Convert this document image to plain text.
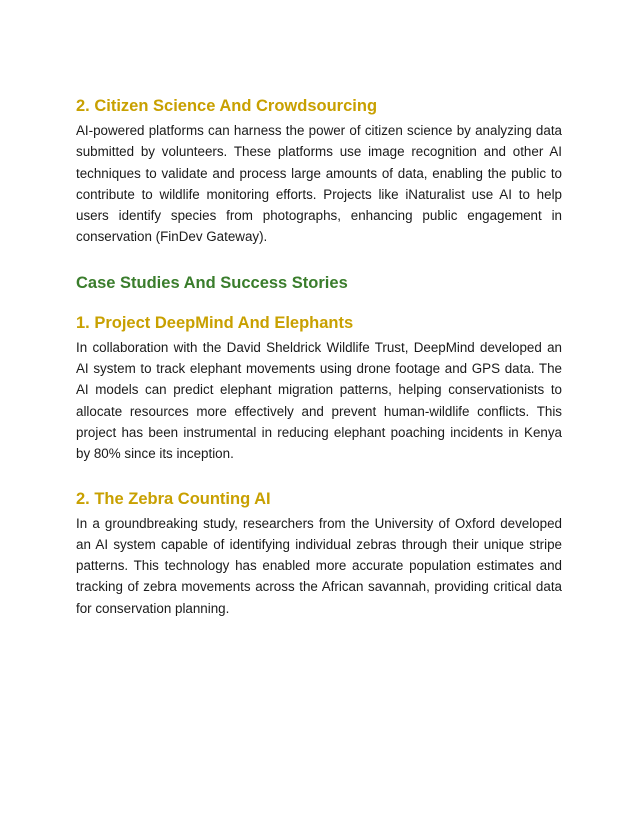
2. Citizen Science And Crowdsourcing

AI-powered platforms can harness the power of citizen science by analyzing data submitted by volunteers. These platforms use image recognition and other AI techniques to validate and process large amounts of data, enabling the public to contribute to wildlife monitoring efforts. Projects like iNaturalist use AI to help users identify species from photographs, enhancing public engagement in conservation (FinDev Gateway).

Case Studies And Success Stories
1. Project DeepMind And Elephants

In collaboration with the David Sheldrick Wildlife Trust, DeepMind developed an AI system to track elephant movements using drone footage and GPS data. The AI models can predict elephant migration patterns, helping conservationists to allocate resources more effectively and prevent human-wildlife conflicts. This project has been instrumental in reducing elephant poaching incidents in Kenya by 80% since its inception.

2. The Zebra Counting AI

In a groundbreaking study, researchers from the University of Oxford developed an AI system capable of identifying individual zebras through their unique stripe patterns. This technology has enabled more accurate population estimates and tracking of zebra movements across the African savannah, providing critical data for conservation planning.
